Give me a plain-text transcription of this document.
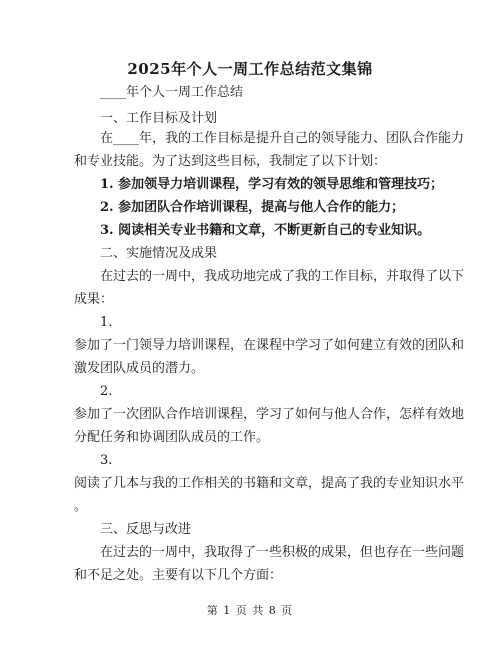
2025年个人一周工作总结范文集锦
____年个人一周工作总结
一、工作目标及计划
在____年，我的工作目标是提升自己的领导能力、团队合作能力
和专业技能。为了达到这些目标，我制定了以下计划：
1. 参加领导力培训课程，学习有效的领导思维和管理技巧；
2. 参加团队合作培训课程，提高与他人合作的能力；
3. 阅读相关专业书籍和文章，不断更新自己的专业知识。
二、实施情况及成果
在过去的一周中，我成功地完成了我的工作目标，并取得了以下
成果：
1.
参加了一门领导力培训课程，在课程中学习了如何建立有效的团队和
激发团队成员的潜力。
2.
参加了一次团队合作培训课程，学习了如何与他人合作，怎样有效地
分配任务和协调团队成员的工作。
3.
阅读了几本与我的工作相关的书籍和文章，提高了我的专业知识水平
。
三、反思与改进
在过去的一周中，我取得了一些积极的成果，但也存在一些问题
和不足之处。主要有以下几个方面：
第 1 页 共 8 页
